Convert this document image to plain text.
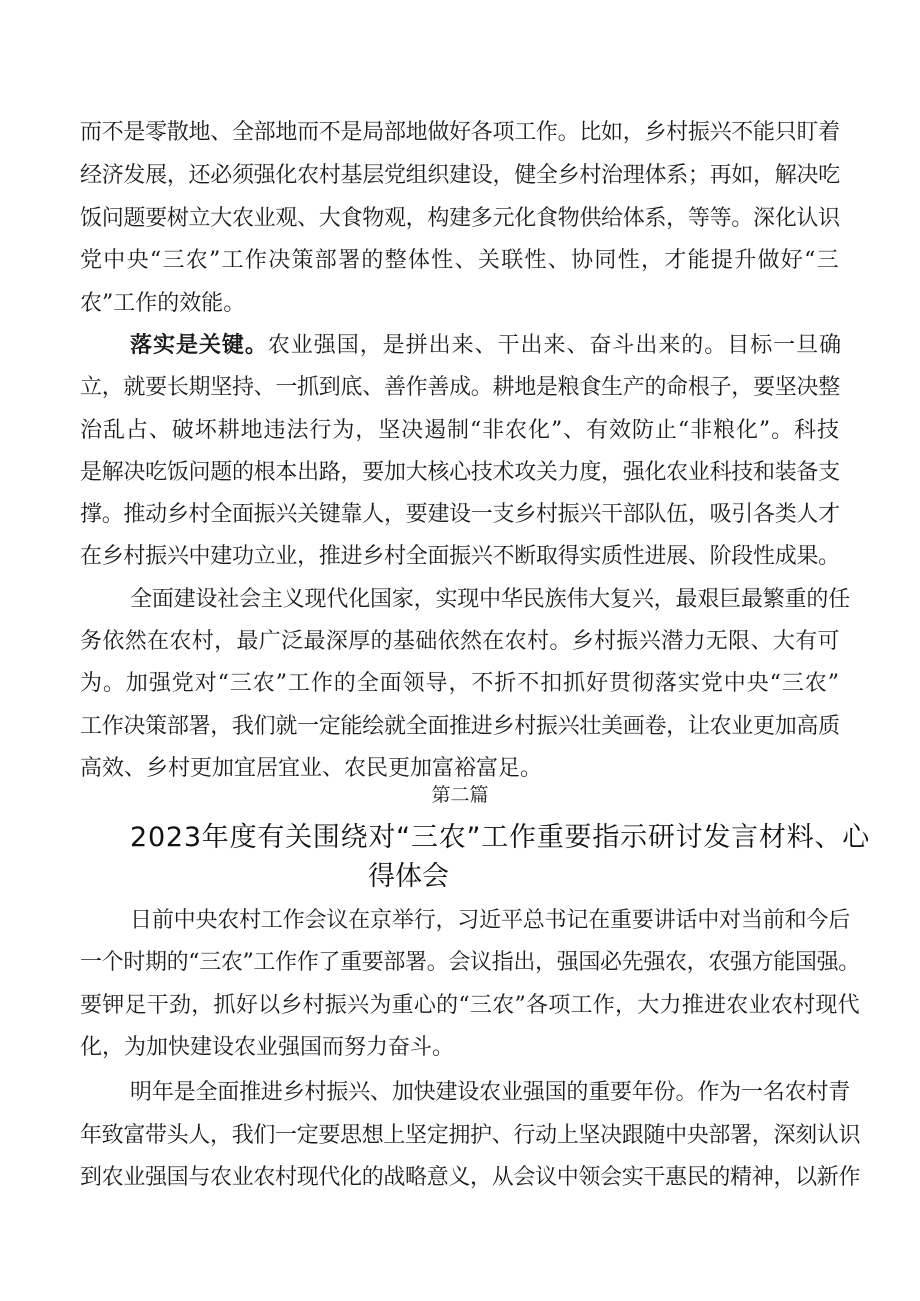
而不是零散地、全部地而不是局部地做好各项工作。比如，乡村振兴不能只盯着
经济发展，还必须强化农村基层党组织建设，健全乡村治理体系；再如，解决吃
饭问题要树立大农业观、大食物观，构建多元化食物供给体系，等等。深化认识
党中央“三农”工作决策部署的整体性、关联性、协同性，才能提升做好“三
农”工作的效能。
落实是关键。农业强国，是拼出来、干出来、奋斗出来的。目标一旦确
立，就要长期坚持、一抓到底、善作善成。耕地是粮食生产的命根子，要坚决整
治乱占、破坏耕地违法行为，坚决遏制“非农化”、有效防止“非粮化”。科技
是解决吃饭问题的根本出路，要加大核心技术攻关力度，强化农业科技和装备支
撑。推动乡村全面振兴关键靠人，要建设一支乡村振兴干部队伍，吸引各类人才
在乡村振兴中建功立业，推进乡村全面振兴不断取得实质性进展、阶段性成果。
全面建设社会主义现代化国家，实现中华民族伟大复兴，最艰巨最繁重的任
务依然在农村，最广泛最深厚的基础依然在农村。乡村振兴潜力无限、大有可
为。加强党对“三农”工作的全面领导，不折不扣抓好贯彻落实党中央“三农”
工作决策部署，我们就一定能绘就全面推进乡村振兴壮美画卷，让农业更加高质
高效、乡村更加宜居宜业、农民更加富裕富足。
第二篇
2023年度有关围绕对“三农”工作重要指示研讨发言材料、心
得体会
日前中央农村工作会议在京举行，习近平总书记在重要讲话中对当前和今后
一个时期的“三农”工作作了重要部署。会议指出，强国必先强农，农强方能国强。
要钾足干劲，抓好以乡村振兴为重心的“三农”各项工作，大力推进农业农村现代
化，为加快建设农业强国而努力奋斗。
明年是全面推进乡村振兴、加快建设农业强国的重要年份。作为一名农村青
年致富带头人，我们一定要思想上坚定拥护、行动上坚决跟随中央部署，深刻认识
到农业强国与农业农村现代化的战略意义，从会议中领会实干惠民的精神，以新作
